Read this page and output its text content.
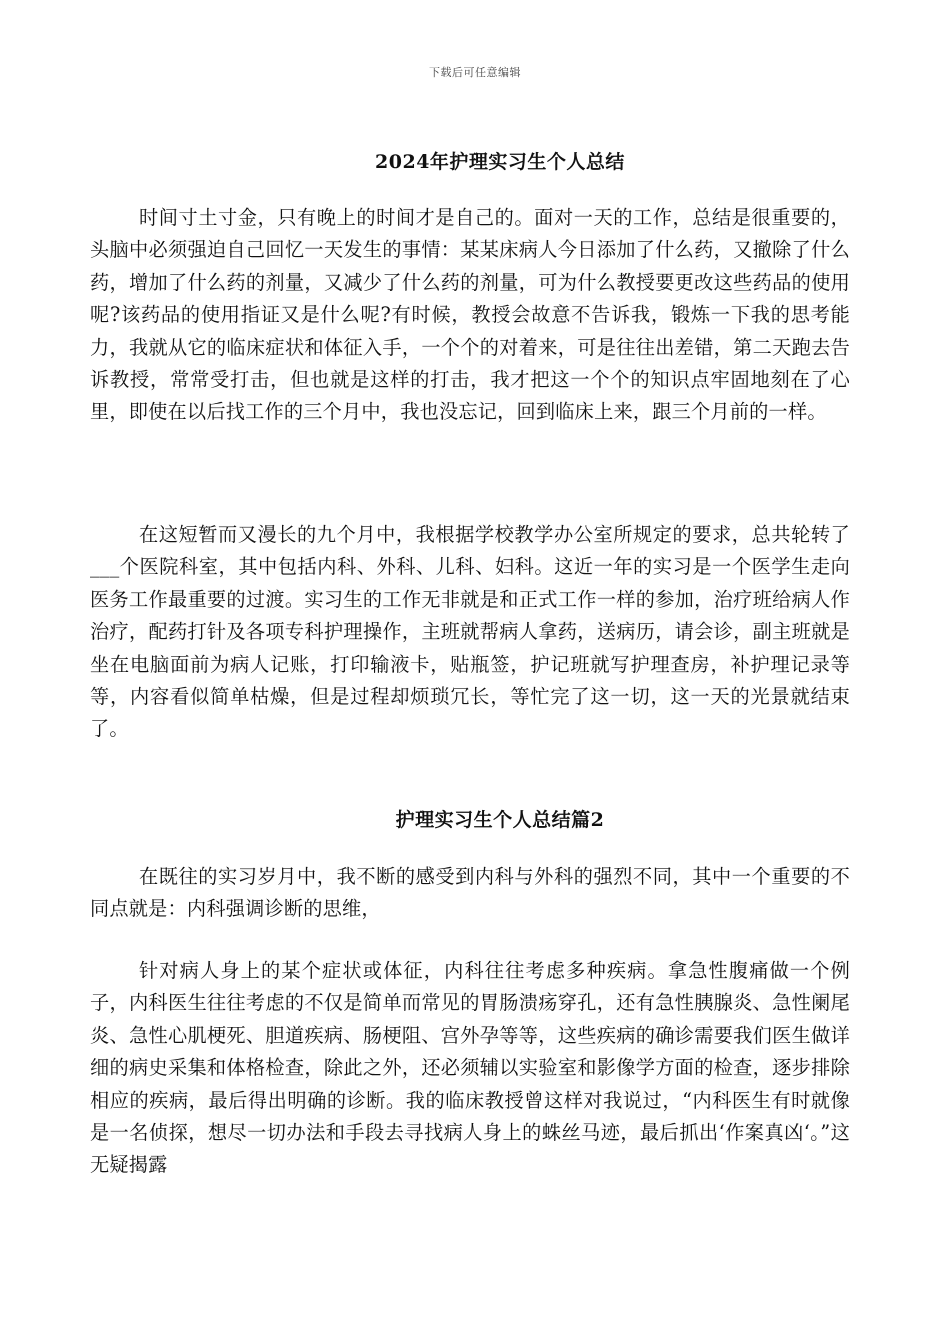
下载后可任意编辑
2024年护理实习生个人总结

时间寸土寸金，只有晚上的时间才是自己的。面对一天的工作，总结是很重要的，头脑中必须强迫自己回忆一天发生的事情：某某床病人今日添加了什么药，又撤除了什么药，增加了什么药的剂量，又减少了什么药的剂量，可为什么教授要更改这些药品的使用呢?该药品的使用指证又是什么呢?有时候，教授会故意不告诉我，锻炼一下我的思考能力，我就从它的临床症状和体征入手，一个个的对着来，可是往往出差错，第二天跑去告诉教授，常常受打击，但也就是这样的打击，我才把这一个个的知识点牢固地刻在了心里，即使在以后找工作的三个月中，我也没忘记，回到临床上来，跟三个月前的一样。

在这短暂而又漫长的九个月中，我根据学校教学办公室所规定的要求，总共轮转了___个医院科室，其中包括内科、外科、儿科、妇科。这近一年的实习是一个医学生走向医务工作最重要的过渡。实习生的工作无非就是和正式工作一样的参加，治疗班给病人作治疗，配药打针及各项专科护理操作，主班就帮病人拿药，送病历，请会诊，副主班就是坐在电脑面前为病人记账，打印输液卡，贴瓶签，护记班就写护理查房，补护理记录等等，内容看似简单枯燥，但是过程却烦琐冗长，等忙完了这一切，这一天的光景就结束了。

护理实习生个人总结篇2

在既往的实习岁月中，我不断的感受到内科与外科的强烈不同，其中一个重要的不同点就是：内科强调诊断的思维，

针对病人身上的某个症状或体征，内科往往考虑多种疾病。拿急性腹痛做一个例子，内科医生往往考虑的不仅是简单而常见的胃肠溃疡穿孔，还有急性胰腺炎、急性阑尾炎、急性心肌梗死、胆道疾病、肠梗阻、宫外孕等等，这些疾病的确诊需要我们医生做详细的病史采集和体格检查，除此之外，还必须辅以实验室和影像学方面的检查，逐步排除相应的疾病，最后得出明确的诊断。我的临床教授曾这样对我说过，“内科医生有时就像是一名侦探，想尽一切办法和手段去寻找病人身上的蛛丝马迹，最后抓出‘作案真凶‘。”这无疑揭露
